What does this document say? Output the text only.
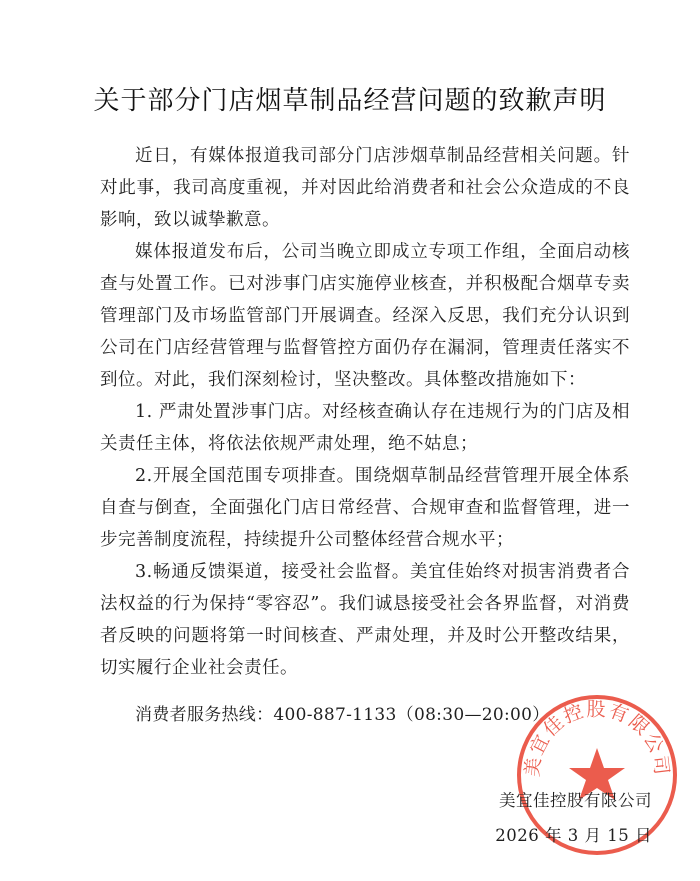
关于部分门店烟草制品经营问题的致歉声明

近日，有媒体报道我司部分门店涉烟草制品经营相关问题。针对此事，我司高度重视，并对因此给消费者和社会公众造成的不良影响，致以诚挚歉意。

媒体报道发布后，公司当晚立即成立专项工作组，全面启动核查与处置工作。已对涉事门店实施停业核查，并积极配合烟草专卖管理部门及市场监管部门开展调查。经深入反思，我们充分认识到公司在门店经营管理与监督管控方面仍存在漏洞，管理责任落实不到位。对此，我们深刻检讨，坚决整改。具体整改措施如下：

1. 严肃处置涉事门店。对经核查确认存在违规行为的门店及相关责任主体，将依法依规严肃处理，绝不姑息；

2.开展全国范围专项排查。围绕烟草制品经营管理开展全体系自查与倒查，全面强化门店日常经营、合规审查和监督管理，进一步完善制度流程，持续提升公司整体经营合规水平；

3.畅通反馈渠道，接受社会监督。美宜佳始终对损害消费者合法权益的行为保持“零容忍”。我们诚恳接受社会各界监督，对消费者反映的问题将第一时间核查、严肃处理，并及时公开整改结果，切实履行企业社会责任。

消费者服务热线：400-887-1133（08:30—20:00）
美宜佳控股有限公司
美宜佳控股有限公司
2026 年 3 月 15 日
